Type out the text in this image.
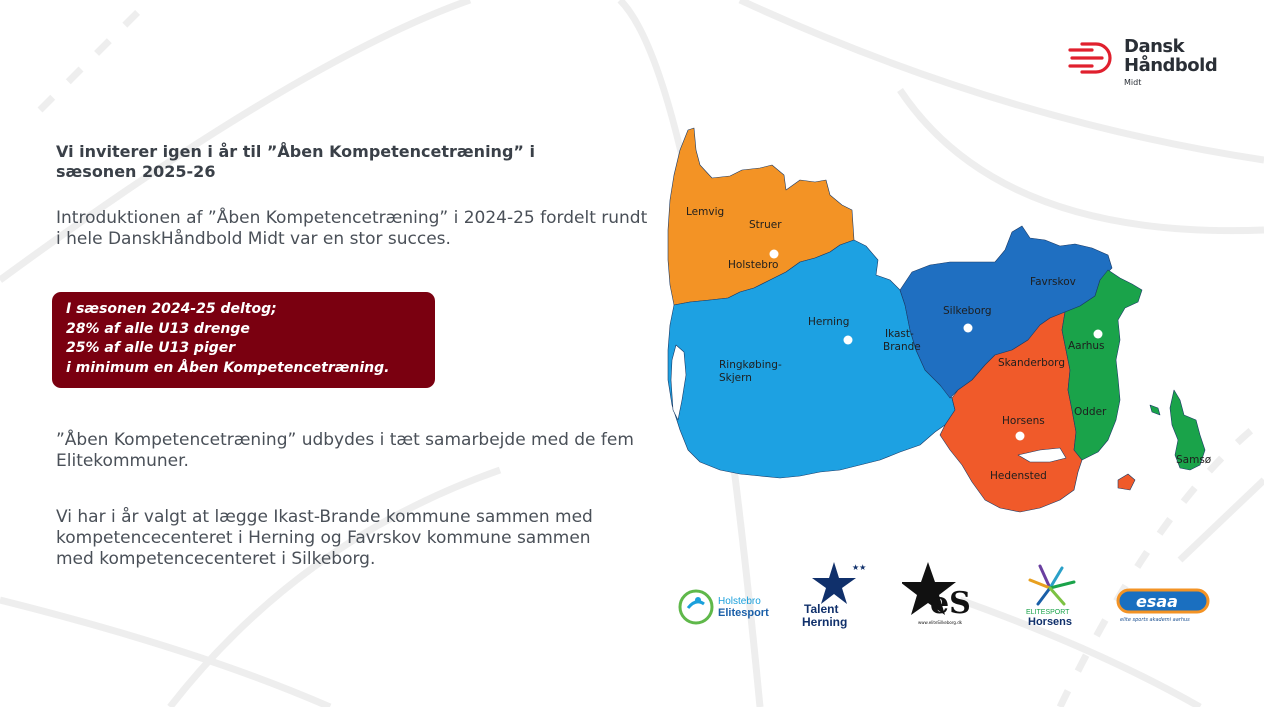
Dansk
Håndbold
Midt
Vi inviterer igen i år til ”Åben Kompetencetræning” i sæsonen 2025-26
Introduktionen af ”Åben Kompetencetræning” i 2024-25 fordelt rundt i hele DanskHåndbold Midt var en stor succes.
I sæsonen 2024-25 deltog;
28% af alle U13 drenge
25% af alle U13 piger
i minimum en Åben Kompetencetræning.
”Åben Kompetencetræning” udbydes i tæt samarbejde med de fem Elitekommuner.
Vi har i år valgt at lægge Ikast-Brande kommune sammen med kompetencecenteret i Herning og Favrskov kommune sammen med kompetencecenteret i Silkeborg.
Lemvig
Struer
Holstebro
Herning
Ikast-
Brande
Ringkøbing-
Skjern
Silkeborg
Favrskov
Aarhus
Skanderborg
Odder
Horsens
Hedensted
Samsø
Holstebro
Elitesport
★★
Talent
Herning
eS
www.eliteSilkeborg.dk
ELITESPORT
Horsens
esaa
elite sports akademi aarhus
